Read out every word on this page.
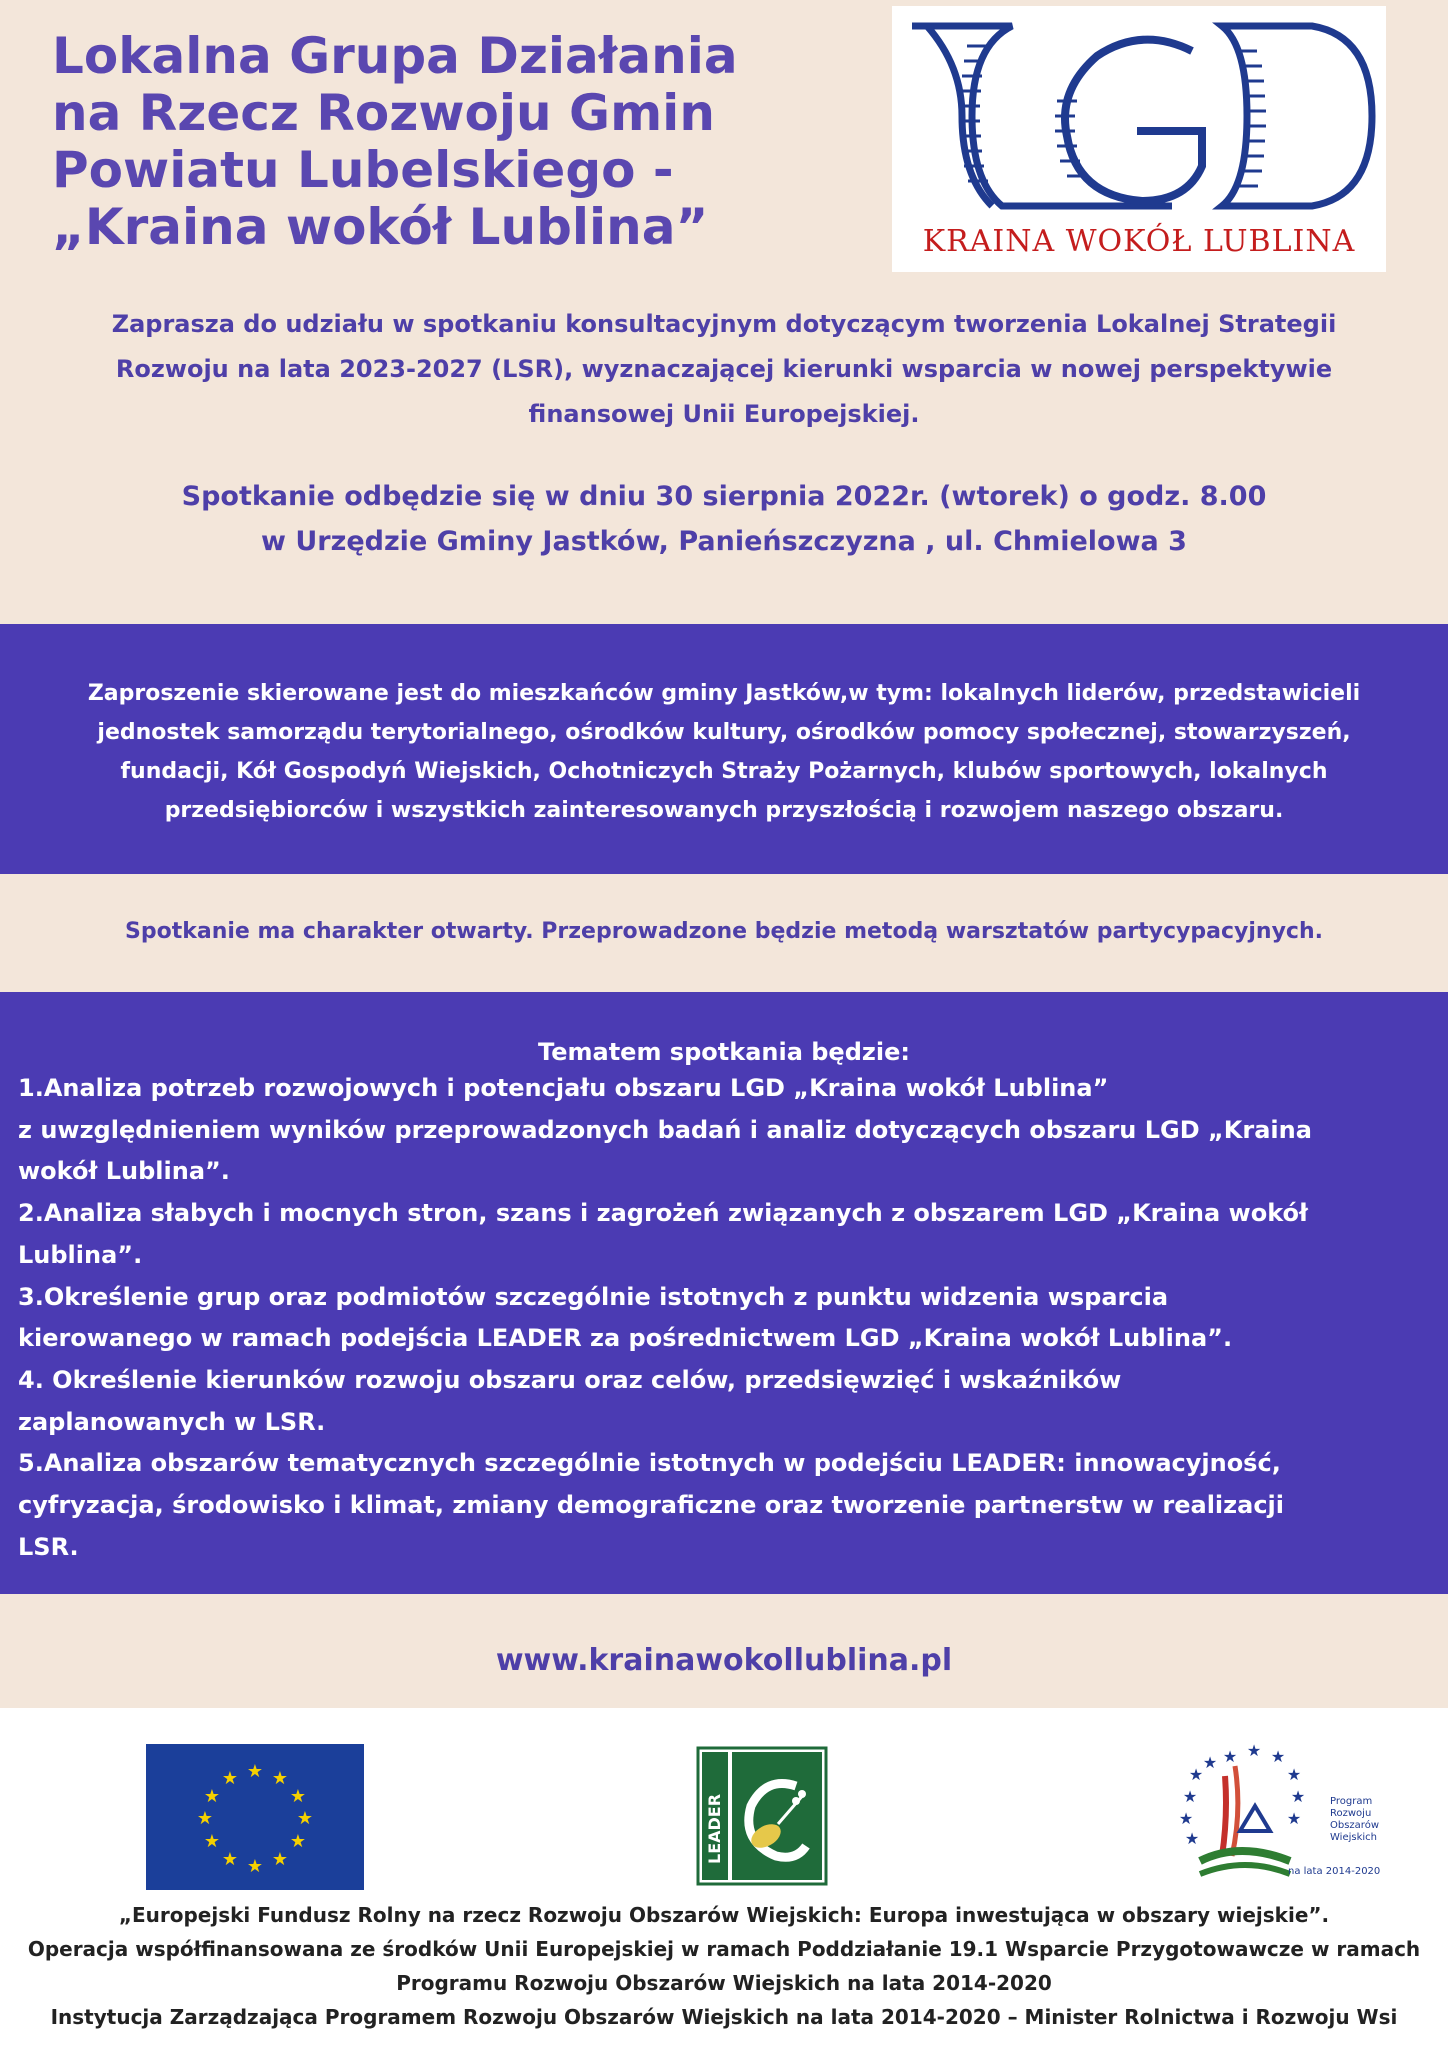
Lokalna Grupa Działania
na Rzecz Rozwoju Gmin
Powiatu Lubelskiego -
„Kraina wokół Lublina”	KRAINA WOKÓŁ LUBLINA
Zaprasza do udziału w spotkaniu konsultacyjnym dotyczącym tworzenia Lokalnej Strategii
Rozwoju na lata 2023-2027 (LSR), wyznaczającej kierunki wsparcia w nowej perspektywie
finansowej Unii Europejskiej.
Spotkanie odbędzie się w dniu 30 sierpnia 2022r. (wtorek) o godz. 8.00
w Urzędzie Gminy Jastków, Panieńszczyzna , ul. Chmielowa 3

Zaproszenie skierowane jest do mieszkańców gminy Jastków,w tym: lokalnych liderów, przedstawicieli
jednostek samorządu terytorialnego, ośrodków kultury, ośrodków pomocy społecznej, stowarzyszeń,
fundacji, Kół Gospodyń Wiejskich, Ochotniczych Straży Pożarnych, klubów sportowych, lokalnych
przedsiębiorców i wszystkich zainteresowanych przyszłością i rozwojem naszego obszaru.

Spotkanie ma charakter otwarty. Przeprowadzone będzie metodą warsztatów partycypacyjnych.

Tematem spotkania będzie:
1.Analiza potrzeb rozwojowych i potencjału obszaru LGD „Kraina wokół Lublina”
z uwzględnieniem wyników przeprowadzonych badań i analiz dotyczących obszaru LGD „Kraina
wokół Lublina”.
2.Analiza słabych i mocnych stron, szans i zagrożeń związanych z obszarem LGD „Kraina wokół
Lublina”.
3.Określenie grup oraz podmiotów szczególnie istotnych z punktu widzenia wsparcia
kierowanego w ramach podejścia LEADER za pośrednictwem LGD „Kraina wokół Lublina”.
4. Określenie kierunków rozwoju obszaru oraz celów, przedsięwzięć i wskaźników
zaplanowanych w LSR.
5.Analiza obszarów tematycznych szczególnie istotnych w podejściu LEADER: innowacyjność,
cyfryzacja, środowisko i klimat, zmiany demograficzne oraz tworzenie partnerstw w realizacji
LSR.

www.krainawokollublina.pl

★ ★
★
★
★
★
★
★
★
★
★
★
LEADER
★ ★ ★
★
★
★
★
★
★
★
★
Program
Rozwoju
Obszarów
Wiejskich
na lata 2014-2020
„Europejski Fundusz Rolny na rzecz Rozwoju Obszarów Wiejskich: Europa inwestująca w obszary wiejskie”.
Operacja współfinansowana ze środków Unii Europejskiej w ramach Poddziałanie 19.1 Wsparcie Przygotowawcze w ramach
Programu Rozwoju Obszarów Wiejskich na lata 2014-2020
Instytucja Zarządzająca Programem Rozwoju Obszarów Wiejskich na lata 2014-2020 – Minister Rolnictwa i Rozwoju Wsi
